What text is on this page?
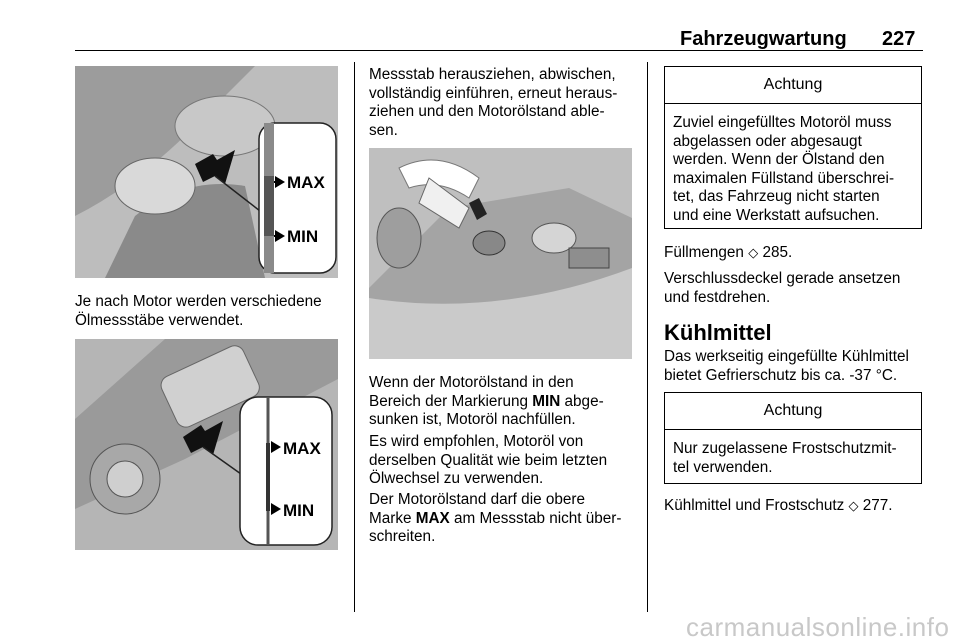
Fahrzeugwartung 227
MAX
MIN
Je nach Motor werden verschiedene
Ölmessstäbe verwendet.
MAX
MIN
Messstab herausziehen, abwischen,
vollständig einführen, erneut heraus-
ziehen und den Motorölstand able-
sen.
Wenn der Motorölstand in den
Bereich der Markierung MIN abge-
sunken ist, Motoröl nachfüllen.
Es wird empfohlen, Motoröl von
derselben Qualität wie beim letzten
Ölwechsel zu verwenden.
Der Motorölstand darf die obere
Marke MAX am Messstab nicht über-
schreiten.
Achtung
Zuviel eingefülltes Motoröl muss
abgelassen oder abgesaugt
werden. Wenn der Ölstand den
maximalen Füllstand überschrei-
tet, das Fahrzeug nicht starten
und eine Werkstatt aufsuchen.
Füllmengen ◇ 285.
Verschlussdeckel gerade ansetzen
und festdrehen.
Kühlmittel
Das werkseitig eingefüllte Kühlmittel
bietet Gefrierschutz bis ca. -37 °C.
Achtung
Nur zugelassene Frostschutzmit-
tel verwenden.
Kühlmittel und Frostschutz ◇ 277.
carmanualsonline.info
